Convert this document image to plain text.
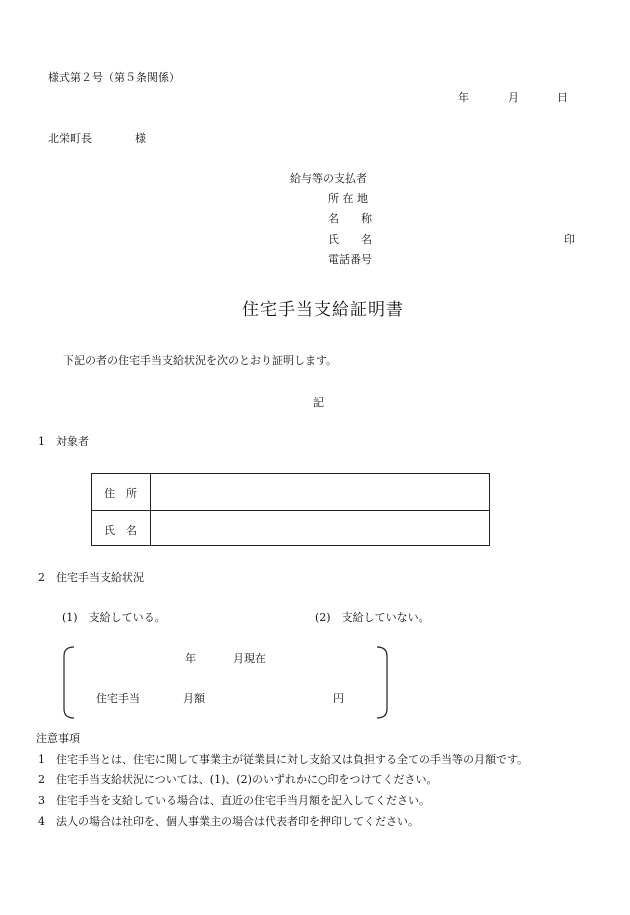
様式第２号（第５条関係）
年	月	日
北栄町長	様
給与等の支払者
所 在 地
名　　称
氏　　名	印
電話番号
住宅手当支給証明書
下記の者の住宅手当支給状況を次のとおり証明します。
記
1　対象者
住　所
氏　名
2　住宅手当支給状況
(1)　支給している。	(2)　支給していない。
年	月現在
住宅手当	月額	円
注意事項
1　住宅手当とは、住宅に関して事業主が従業員に対し支給又は負担する全ての手当等の月額です。
2　住宅手当支給状況については、(1)、(2)のいずれかに○印をつけてください。
3　住宅手当を支給している場合は、直近の住宅手当月額を記入してください。
4　法人の場合は社印を、個人事業主の場合は代表者印を押印してください。
